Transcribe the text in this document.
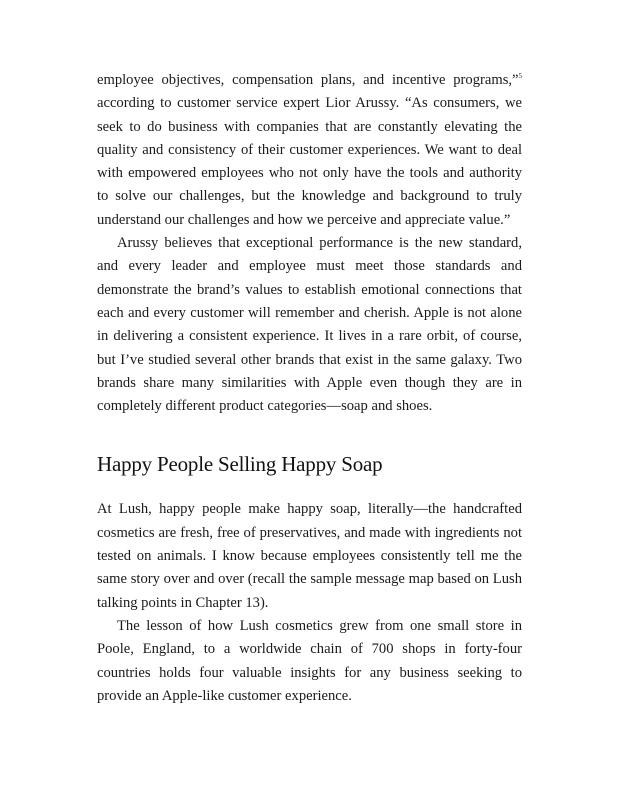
employee objectives, compensation plans, and incentive programs,”$^5$ according to customer service expert Lior Arussy. “As consumers, we seek to do business with companies that are constantly elevating the quality and consistency of their customer experiences. We want to deal with empowered employees who not only have the tools and authority to solve our challenges, but the knowledge and background to truly understand our challenges and how we perceive and appreciate value.”

Arussy believes that exceptional performance is the new standard, and every leader and employee must meet those standards and demonstrate the brand’s values to establish emotional connections that each and every customer will remember and cherish. Apple is not alone in delivering a consistent experience. It lives in a rare orbit, of course, but I’ve studied several other brands that exist in the same galaxy. Two brands share many similarities with Apple even though they are in completely different product categories—soap and shoes.

Happy People Selling Happy Soap

At Lush, happy people make happy soap, literally—the handcrafted cosmetics are fresh, free of preservatives, and made with ingredients not tested on animals. I know because employees consistently tell me the same story over and over (recall the sample message map based on Lush talking points in Chapter 13).

The lesson of how Lush cosmetics grew from one small store in Poole, England, to a worldwide chain of 700 shops in forty-four countries holds four valuable insights for any business seeking to provide an Apple-like customer experience.
